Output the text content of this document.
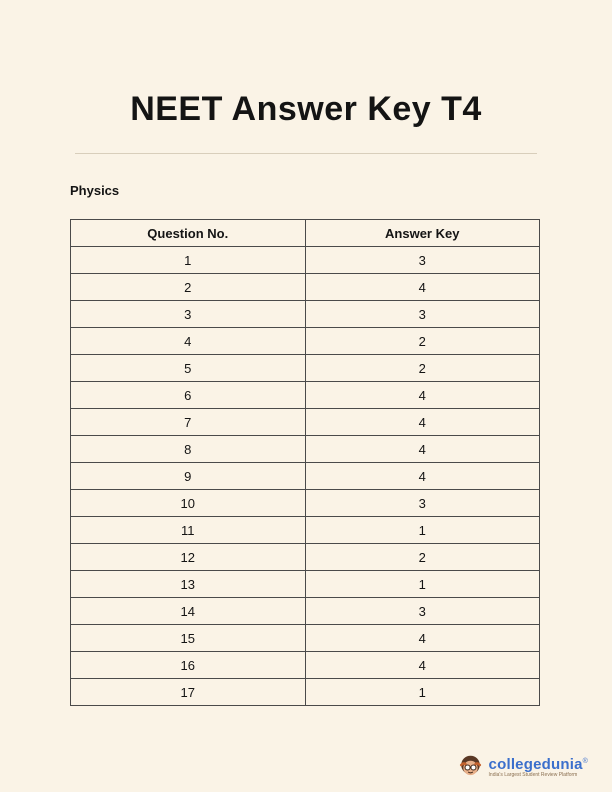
NEET Answer Key T4
Physics
Question No.	Answer Key
1	3
2	4
3	3
4	2
5	2
6	4
7	4
8	4
9	4
10	3
11	1
12	2
13	1
14	3
15	4
16	4
17	1
collegedunia®
India's Largest Student Review Platform
